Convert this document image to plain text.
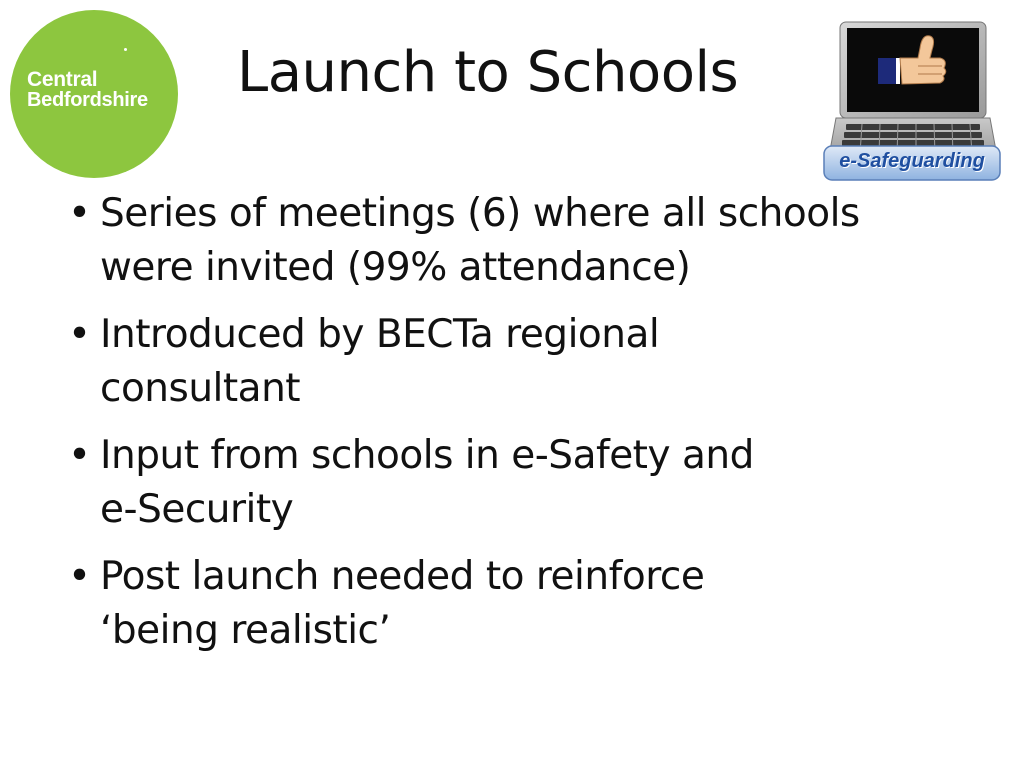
Central
Bedfordshire Launch to Schools
e-Safeguarding
• Series of meetings (6) where all schools
were invited (99% attendance)
• Introduced by BECTa regional
consultant
• Input from schools in e-Safety and
e-Security
• Post launch needed to reinforce
‘being realistic’
